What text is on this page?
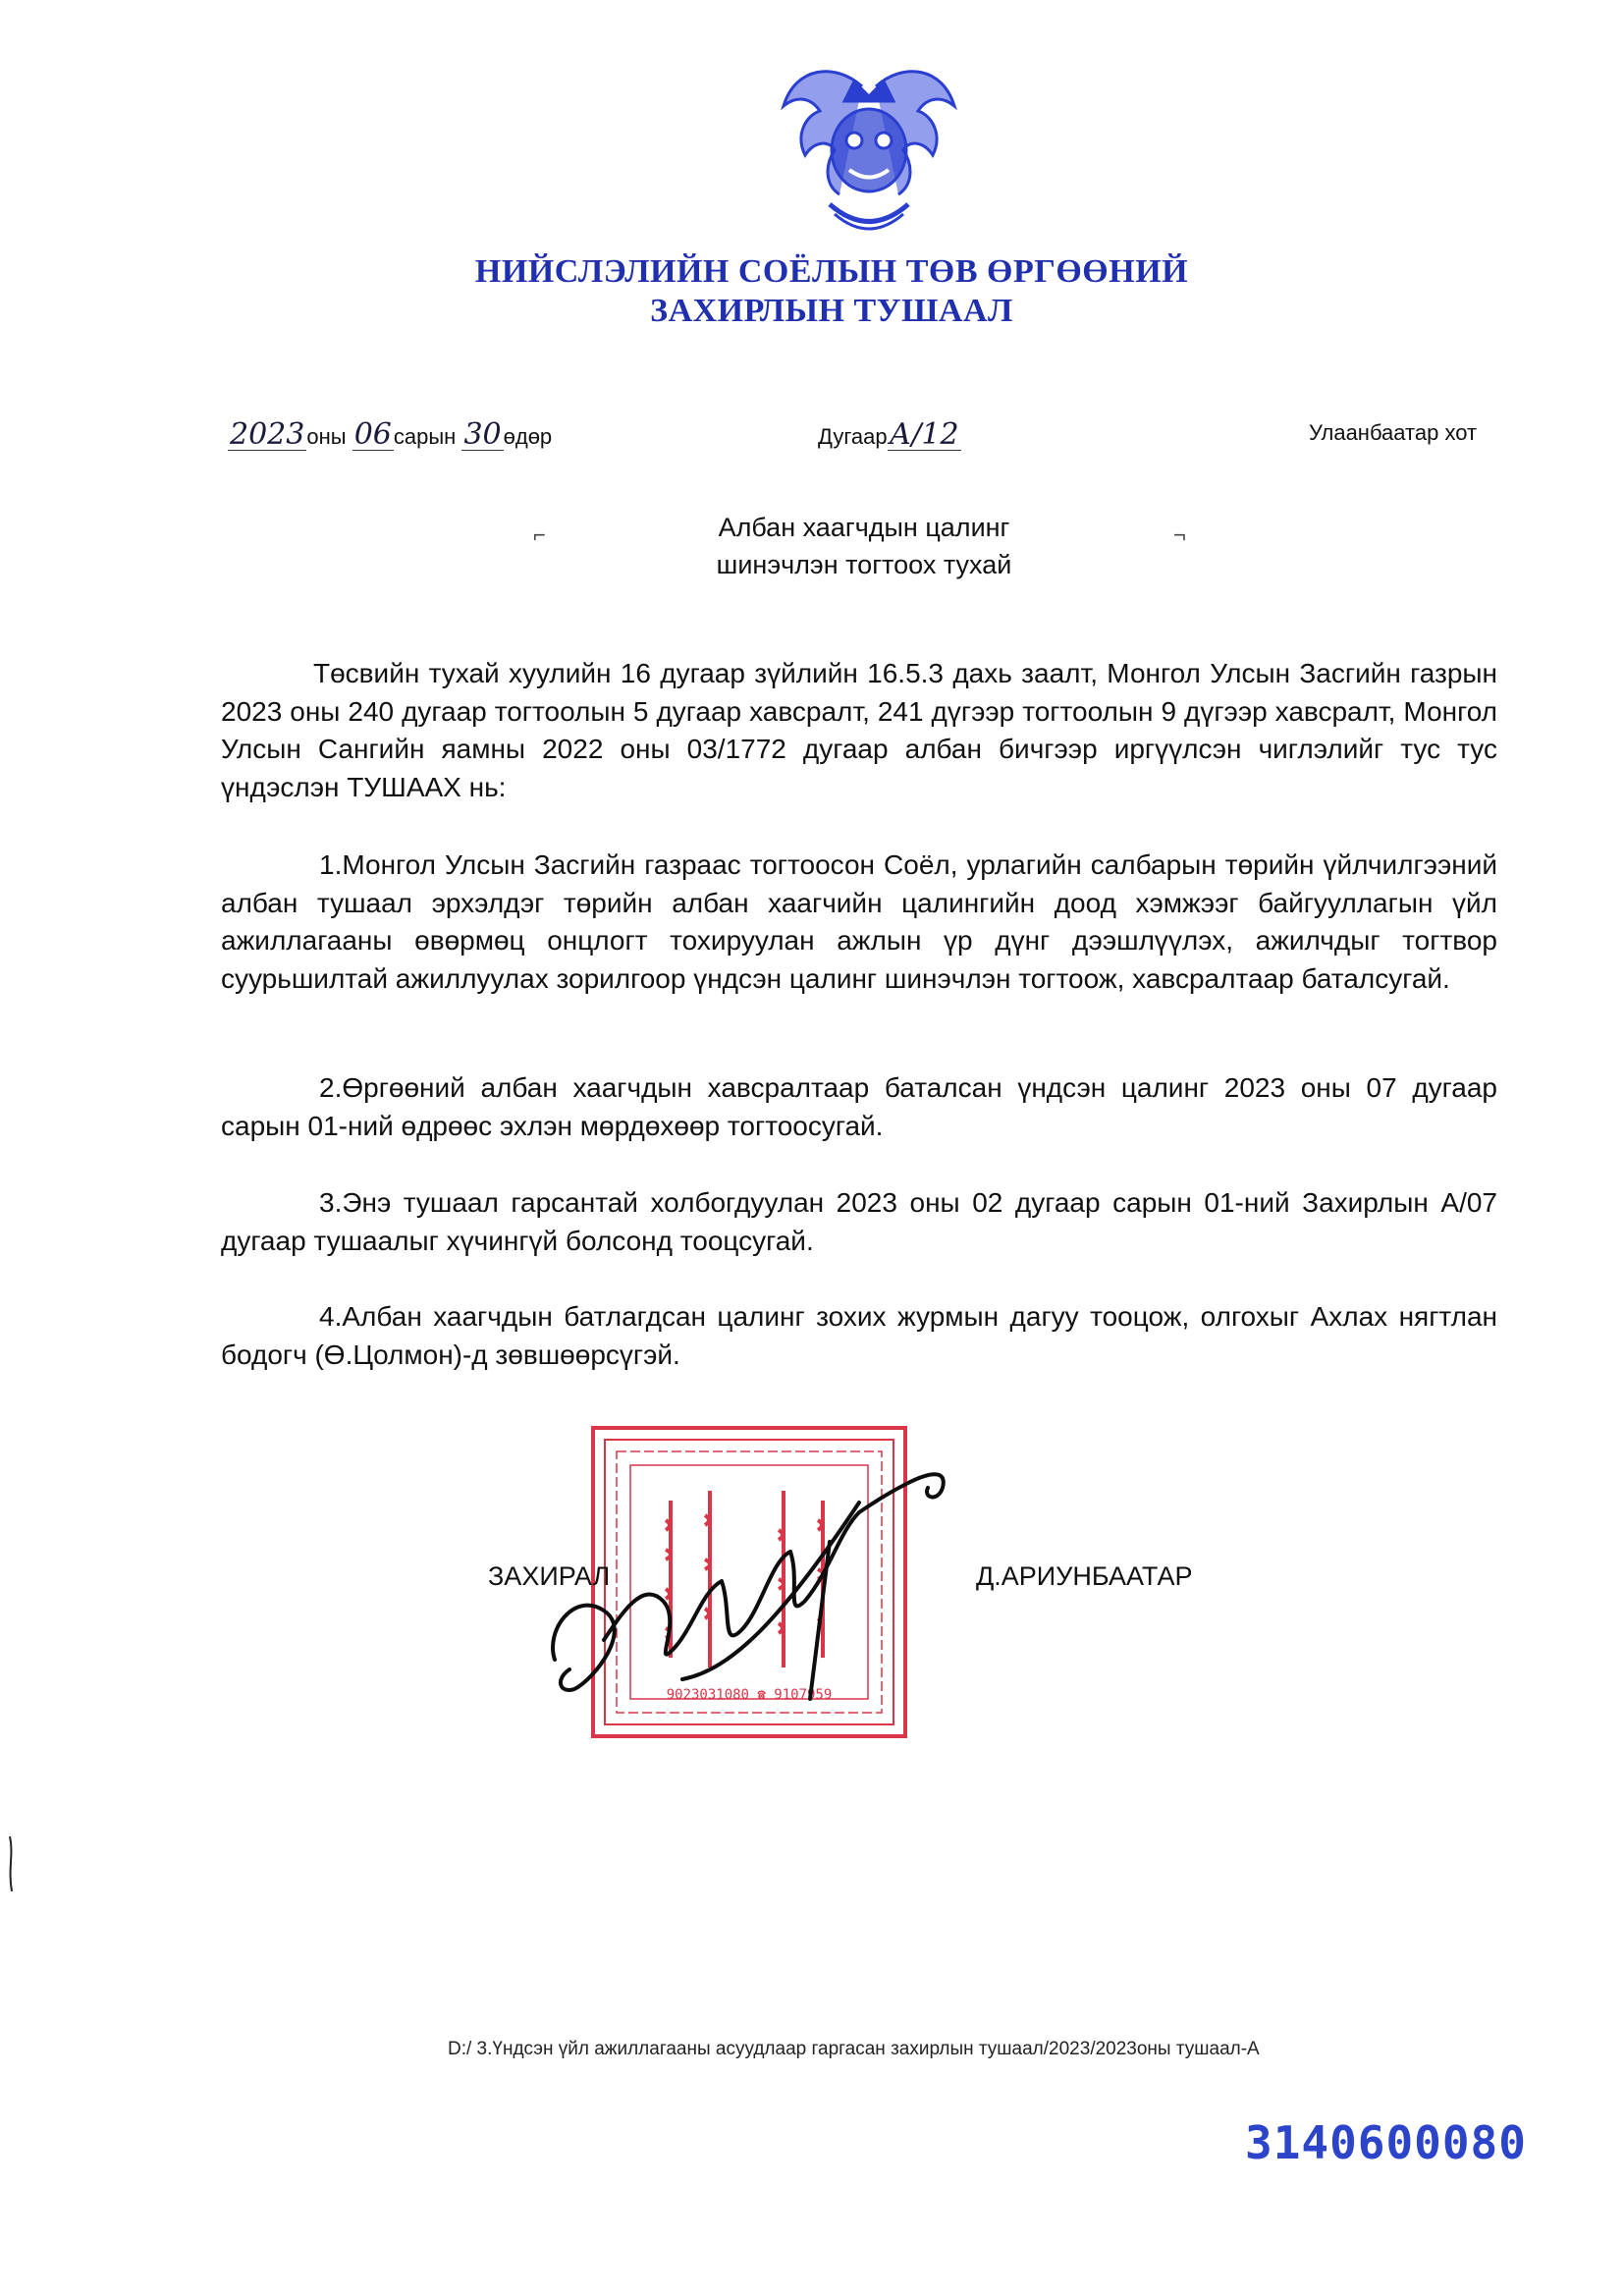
НИЙСЛЭЛИЙН СОЁЛЫН ТӨВ ӨРГӨӨНИЙ
ЗАХИРЛЫН ТУШААЛ
2023оны 06сарын 30өдөр	ДугаарА/12	Улаанбаатар хот
⌐	¬
Албан хаагчдын цалинг
шинэчлэн тогтоох тухай

Төсвийн тухай хуулийн 16 дугаар зүйлийн 16.5.3 дахь заалт, Монгол Улсын Засгийн газрын 2023 оны 240 дугаар тогтоолын 5 дугаар хавсралт, 241 дүгээр тогтоолын 9 дүгээр хавсралт, Монгол Улсын Сангийн яамны 2022 оны 03/1772 дугаар албан бичгээр иргүүлсэн чиглэлийг тус тус үндэслэн ТУШААХ нь:

1.Монгол Улсын Засгийн газраас тогтоосон Соёл, урлагийн салбарын төрийн үйлчилгээний албан тушаал эрхэлдэг төрийн албан хаагчийн цалингийн доод хэмжээг байгууллагын үйл ажиллагааны өвөрмөц онцлогт тохируулан ажлын үр дүнг дээшлүүлэх, ажилчдыг тогтвор суурьшилтай ажиллуулах зорилгоор үндсэн цалинг шинэчлэн тогтоож, хавсралтаар баталсугай.

2.Өргөөний албан хаагчдын хавсралтаар баталсан үндсэн цалинг 2023 оны 07 дугаар сарын 01-ний өдрөөс эхлэн мөрдөхөөр тогтоосугай.

3.Энэ тушаал гарсантай холбогдуулан 2023 оны 02 дугаар сарын 01-ний Захирлын А/07 дугаар тушаалыг хүчингүй болсонд тооцсугай.

4.Албан хаагчдын батлагдсан цалинг зохих журмын дагуу тооцож, олгохыг Ахлах нягтлан бодогч (Ө.Цолмон)-д зөвшөөрсүгэй.

9023031080 ☎ 9107959
ЗАХИРАЛ	Д.АРИУНБААТАР
D:/ 3.Үндсэн үйл ажиллагааны асуудлаар гаргасан захирлын тушаал/2023/2023оны тушаал-А
3140600080
